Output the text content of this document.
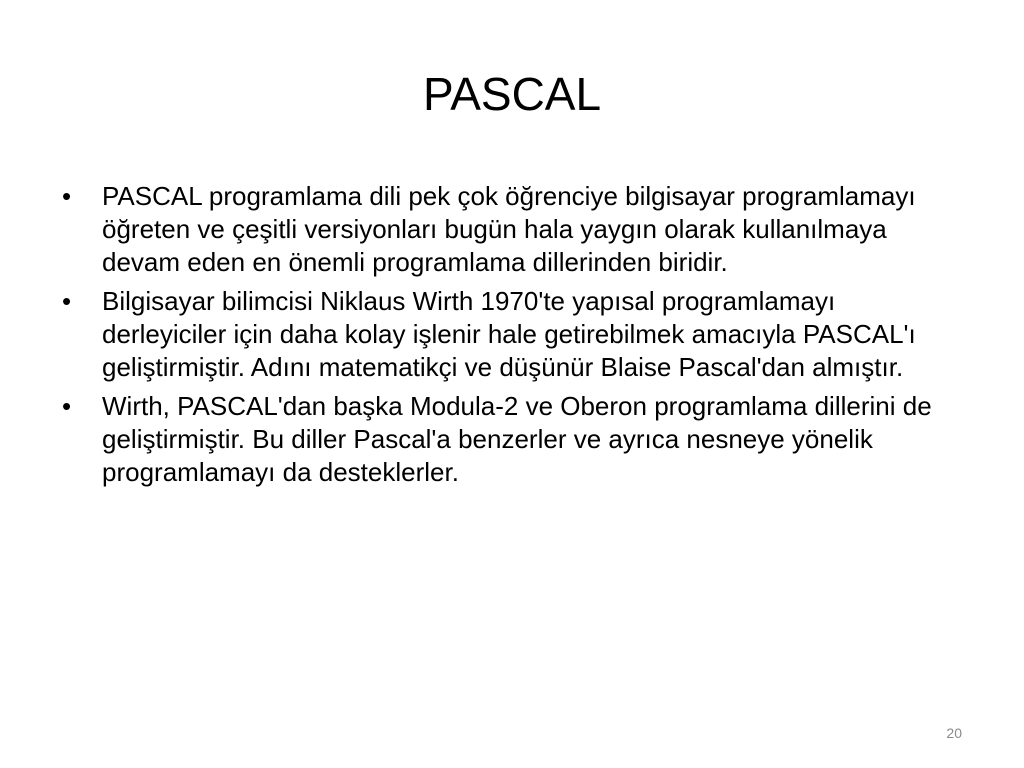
PASCAL
•	PASCAL programlama dili pek çok öğrenciye bilgisayar programlamayı öğreten ve çeşitli versiyonları bugün hala yaygın olarak kullanılmaya devam eden en önemli programlama dillerinden biridir.
•	Bilgisayar bilimcisi Niklaus Wirth 1970'te yapısal programlamayı derleyiciler için daha kolay işlenir hale getirebilmek amacıyla PASCAL'ı geliştirmiştir. Adını matematikçi ve düşünür Blaise Pascal'dan almıştır.
•	Wirth, PASCAL'dan başka Modula-2 ve Oberon programlama dillerini de geliştirmiştir. Bu diller Pascal'a benzerler ve ayrıca nesneye yönelik programlamayı da desteklerler.
20
